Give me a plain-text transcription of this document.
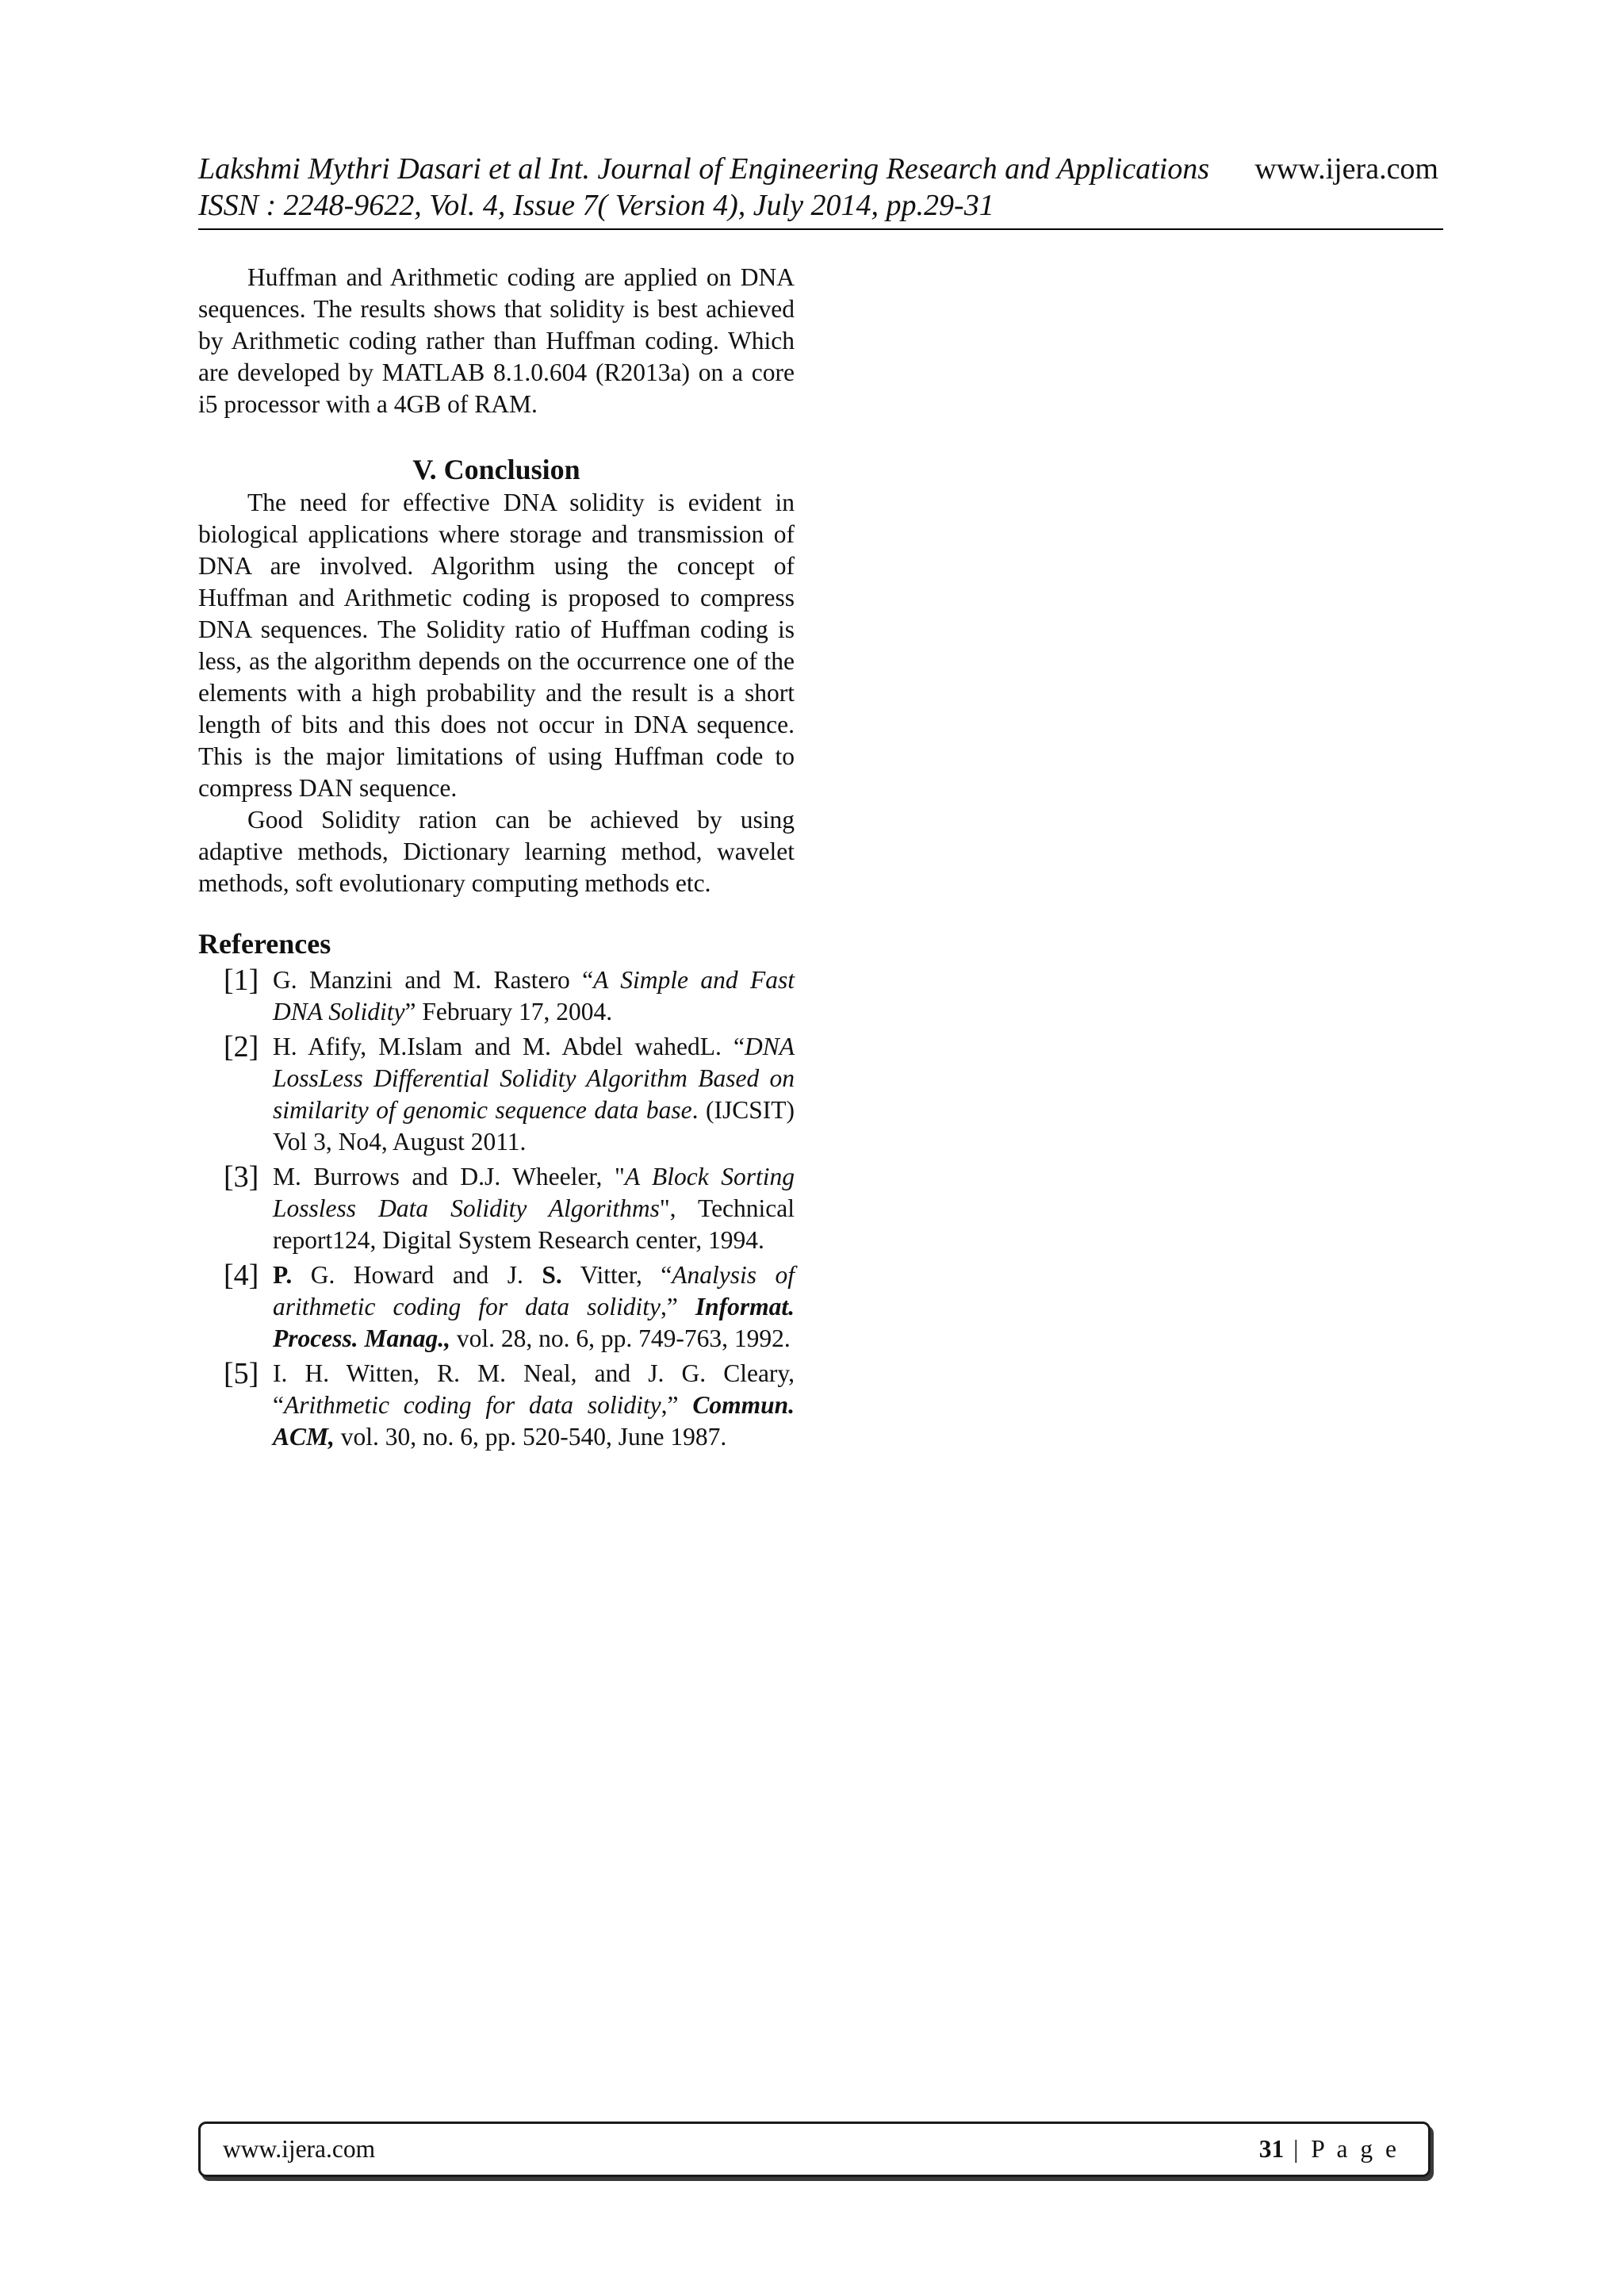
Lakshmi Mythri Dasari et al Int. Journal of Engineering Research and Applications	www.ijera.com
ISSN : 2248-9622, Vol. 4, Issue 7( Version 4), July 2014, pp.29-31

Huffman and Arithmetic coding are applied on DNA sequences. The results shows that solidity is best achieved by Arithmetic coding rather than Huffman coding. Which are developed by MATLAB 8.1.0.604 (R2013a) on a core i5 processor with a 4GB of RAM.

V. Conclusion

The need for effective DNA solidity is evident in biological applications where storage and transmission of DNA are involved. Algorithm using the concept of Huffman and Arithmetic coding is proposed to compress DNA sequences. The Solidity ratio of Huffman coding is less, as the algorithm depends on the occurrence one of the elements with a high probability and the result is a short length of bits and this does not occur in DNA sequence. This is the major limitations of using Huffman code to compress DAN sequence.

Good Solidity ration can be achieved by using adaptive methods, Dictionary learning method, wavelet methods, soft evolutionary computing methods etc.

References
[1] G. Manzini and M. Rastero “A Simple and Fast DNA Solidity” February 17, 2004.
[2] H. Afify, M.Islam and M. Abdel wahedL. “DNA LossLess Differential Solidity Algorithm Based on similarity of genomic sequence data base. (IJCSIT) Vol 3, No4, August 2011.
[3] M. Burrows and D.J. Wheeler, "A Block Sorting Lossless Data Solidity Algorithms", Technical report124, Digital System Research center, 1994.
[4] P. G. Howard and J. S. Vitter, “Analysis of arithmetic coding for data solidity,” Informat. Process. Manag., vol. 28, no. 6, pp. 749-763, 1992.
[5] I. H. Witten, R. M. Neal, and J. G. Cleary, “Arithmetic coding for data solidity,” Commun. ACM, vol. 30, no. 6, pp. 520-540, June 1987.
www.ijera.com	31 | P a g e
